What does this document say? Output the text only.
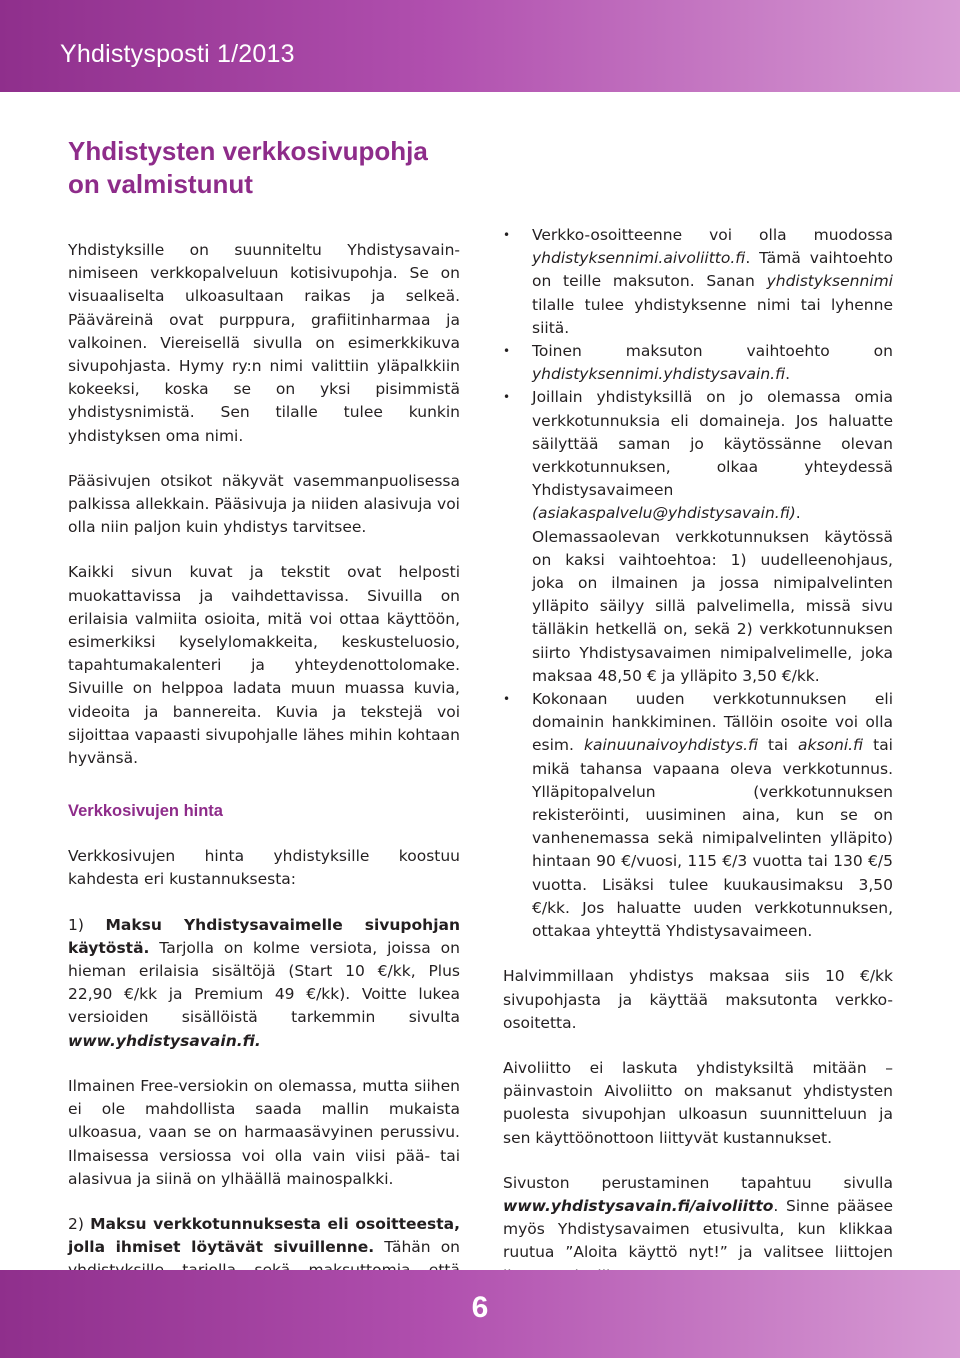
Yhdistysposti 1/2013
Yhdistysten verkkosivupohja
on valmistunut

Yhdistyksille on suunniteltu Yhdistysavain-nimiseen verkkopalveluun kotisivupohja. Se on visuaaliselta ulkoasultaan raikas ja selkeä. Pääväreinä ovat purppura, grafiitinharmaa ja valkoinen. Viereisellä sivulla on esimerkkikuva sivupohjasta. Hymy ry:n nimi valittiin yläpalkkiin kokeeksi, koska se on yksi pisimmistä yhdistysnimistä. Sen tilalle tulee kunkin yhdistyksen oma nimi.

Pääsivujen otsikot näkyvät vasemmanpuolisessa palkissa allekkain. Pääsivuja ja niiden alasivuja voi olla niin paljon kuin yhdistys tarvitsee.

Kaikki sivun kuvat ja tekstit ovat helposti muokattavissa ja vaihdettavissa. Sivuilla on erilaisia valmiita osioita, mitä voi ottaa käyttöön, esimerkiksi kyselylomakkeita, keskusteluosio, tapahtumakalenteri ja yhteydenottolomake. Sivuille on helppoa ladata muun muassa kuvia, videoita ja bannereita. Kuvia ja tekstejä voi sijoittaa vapaasti sivupohjalle lähes mihin kohtaan hyvänsä.

Verkkosivujen hinta

Verkkosivujen hinta yhdistyksille koostuu kahdesta eri kustannuksesta:

1) Maksu Yhdistysavaimelle sivupohjan käytöstä. Tarjolla on kolme versiota, joissa on hieman erilaisia sisältöjä (Start 10 €/kk, Plus 22,90 €/kk ja Premium 49 €/kk). Voitte lukea versioiden sisällöistä tarkemmin sivulta www.yhdistysavain.fi.

Ilmainen Free-versiokin on olemassa, mutta siihen ei ole mahdollista saada mallin mukaista ulkoasua, vaan se on harmaasävyinen perussivu. Ilmaisessa versiossa voi olla vain viisi pää- tai alasivua ja siinä on ylhäällä mainospalkki.

2) Maksu verkkotunnuksesta eli osoitteesta, jolla ihmiset löytävät sivuillenne. Tähän on

• Verkko-osoitteenne voi olla muodossa yhdistyksennimi.aivoliitto.fi. Tämä vaihtoehto on teille maksuton. Sanan yhdistyksennimi tilalle tulee yhdistyksenne nimi tai lyhenne siitä.

• Toinen maksuton vaihtoehto on yhdistyksennimi.yhdistysavain.fi.

• Joillain yhdistyksillä on jo olemassa omia verkkotunnuksia eli domaineja. Jos haluatte säilyttää saman jo käytössänne olevan verkkotunnuksen, olkaa yhteydessä Yhdistysavaimeen (asiakaspalvelu@yhdistysavain.fi). Olemassaolevan verkkotunnuksen käytössä on kaksi vaihtoehtoa: 1) uudelleenohjaus, joka on ilmainen ja jossa nimipalvelinten ylläpito säilyy sillä palvelimella, missä sivu tälläkin hetkellä on, sekä 2) verkkotunnuksen siirto Yhdistysavaimen nimipalvelimelle, joka maksaa 48,50 € ja ylläpito 3,50 €/kk.

• Kokonaan uuden verkkotunnuksen eli domainin hankkiminen. Tällöin osoite voi olla esim. kainuunaivoyhdistys.fi tai aksoni.fi tai mikä tahansa vapaana oleva verkkotunnus. Ylläpitopalvelun (verkkotunnuksen rekisteröinti, uusiminen aina, kun se on vanhenemassa sekä nimipalvelinten ylläpito) hintaan 90 €/vuosi, 115 €/3 vuotta tai 130 €/5 vuotta. Lisäksi tulee kuukausimaksu 3,50 €/kk. Jos haluatte uuden verkkotunnuksen, ottakaa yhteyttä Yhdistysavaimeen.

Halvimmillaan yhdistys maksaa siis 10 €/kk sivupohjasta ja käyttää maksutonta verkko-osoitetta.

Aivoliitto ei laskuta yhdistyksiltä mitään – päinvastoin Aivoliitto on maksanut yhdistysten puolesta sivupohjan ulkoasun suunnitteluun ja sen käyttöönottoon liittyvät kustannukset.

Sivuston perustaminen tapahtuu sivulla www.yhdistysavain.fi/aivoliitto. Sinne pääsee myös Yhdistysavaimen etusivulta, kun klikkaa ruutua ”Aloita käyttö nyt!” ja valitsee liittojen

6
